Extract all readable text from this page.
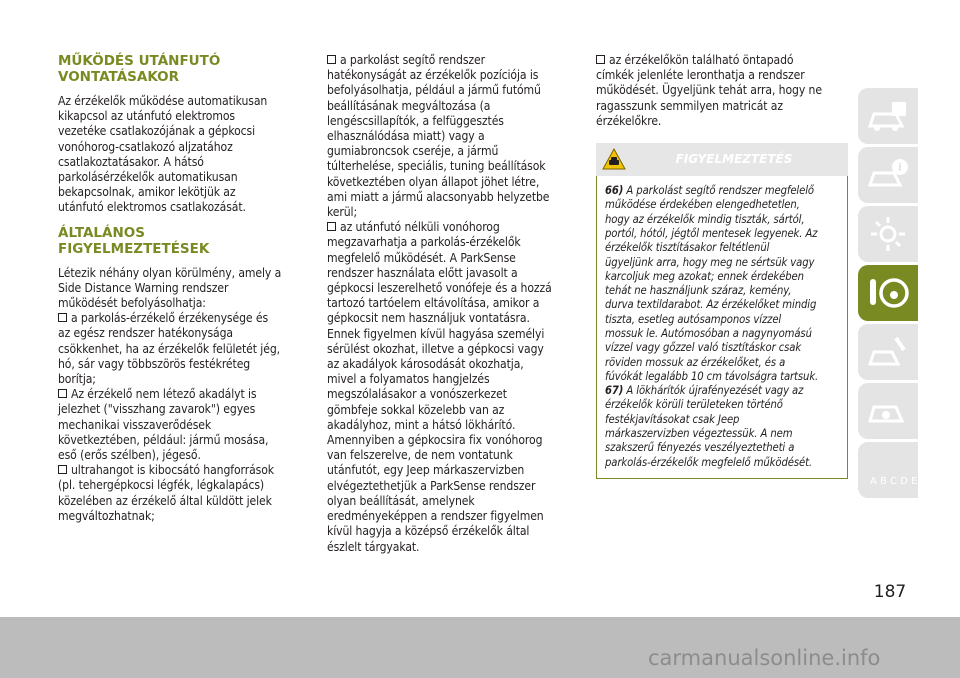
MŰKÖDÉS UTÁNFUTÓ
VONTATÁSAKOR

Az érzékelők működése automatikusan
kikapcsol az utánfutó elektromos
vezetéke csatlakozójának a gépkocsi
vonóhorog-csatlakozó aljzatához
csatlakoztatásakor. A hátsó
parkolásérzékelők automatikusan
bekapcsolnak, amikor lekötjük az
utánfutó elektromos csatlakozását.

ÁLTALÁNOS
FIGYELMEZTETÉSEK

Létezik néhány olyan körülmény, amely a
Side Distance Warning rendszer
működését befolyásolhatja:

a parkolás-érzékelő érzékenysége és
az egész rendszer hatékonysága
csökkenhet, ha az érzékelők felületét jég,
hó, sár vagy többszörös festékréteg
borítja;
Az érzékelő nem létező akadályt is
jelezhet ("visszhang zavarok") egyes
mechanikai visszaverődések
következtében, például: jármű mosása,
eső (erős szélben), jégeső.
ultrahangot is kibocsátó hangforrások
(pl. tehergépkocsi légfék, légkalapács)
közelében az érzékelő által küldött jelek
megváltozhatnak;
a parkolást segítő rendszer
hatékonyságát az érzékelők pozíciója is
befolyásolhatja, például a jármű futómű
beállításának megváltozása (a
lengéscsillapítók, a felfüggesztés
elhasználódása miatt) vagy a
gumiabroncsok cseréje, a jármű
túlterhelése, speciális, tuning beállítások
következtében olyan állapot jöhet létre,
ami miatt a jármű alacsonyabb helyzetbe
kerül;
az utánfutó nélküli vonóhorog
megzavarhatja a parkolás-érzékelők
megfelelő működését. A ParkSense
rendszer használata előtt javasolt a
gépkocsi leszerelhető vonófeje és a hozzá
tartozó tartóelem eltávolítása, amikor a
gépkocsit nem használjuk vontatásra.
Ennek figyelmen kívül hagyása személyi
sérülést okozhat, illetve a gépkocsi vagy
az akadályok károsodását okozhatja,
mivel a folyamatos hangjelzés
megszólalásakor a vonószerkezet
gömbfeje sokkal közelebb van az
akadályhoz, mint a hátsó lökhárító.
Amennyiben a gépkocsira fix vonóhorog
van felszerelve, de nem vontatunk
utánfutót, egy Jeep márkaszervizben
elvégeztethetjük a ParkSense rendszer
olyan beállítását, amelynek
eredményeképpen a rendszer figyelmen
kívül hagyja a középső érzékelők által
észlelt tárgyakat.
az érzékelőkön található öntapadó
címkék jelenléte leronthatja a rendszer
működését. Ügyeljünk tehát arra, hogy ne
ragasszunk semmilyen matricát az
érzékelőkre.
FIGYELMEZTETÉS

66) A parkolást segítő rendszer megfelelő
működése érdekében elengedhetetlen,
hogy az érzékelők mindig tiszták, sártól,
portól, hótól, jégtől mentesek legyenek. Az
érzékelők tisztításakor feltétlenül
ügyeljünk arra, hogy meg ne sértsük vagy
karcoljuk meg azokat; ennek érdekében
tehát ne használjunk száraz, kemény,
durva textildarabot. Az érzékelőket mindig
tiszta, esetleg autósamponos vízzel
mossuk le. Autómosóban a nagynyomású
vízzel vagy gőzzel való tisztításkor csak
röviden mossuk az érzékelőket, és a
fúvókát legalább 10 cm távolságra tartsuk.

67) A lökhárítók újrafényezését vagy az
érzékelők körüli területeken történő
festékjavításokat csak Jeep
márkaszervizben végeztessük. A nem
szakszerű fényezés veszélyeztetheti a
parkolás-érzékelők megfelelő működését.

i
A B C D E Z T I
187
carmanualsonline.info
